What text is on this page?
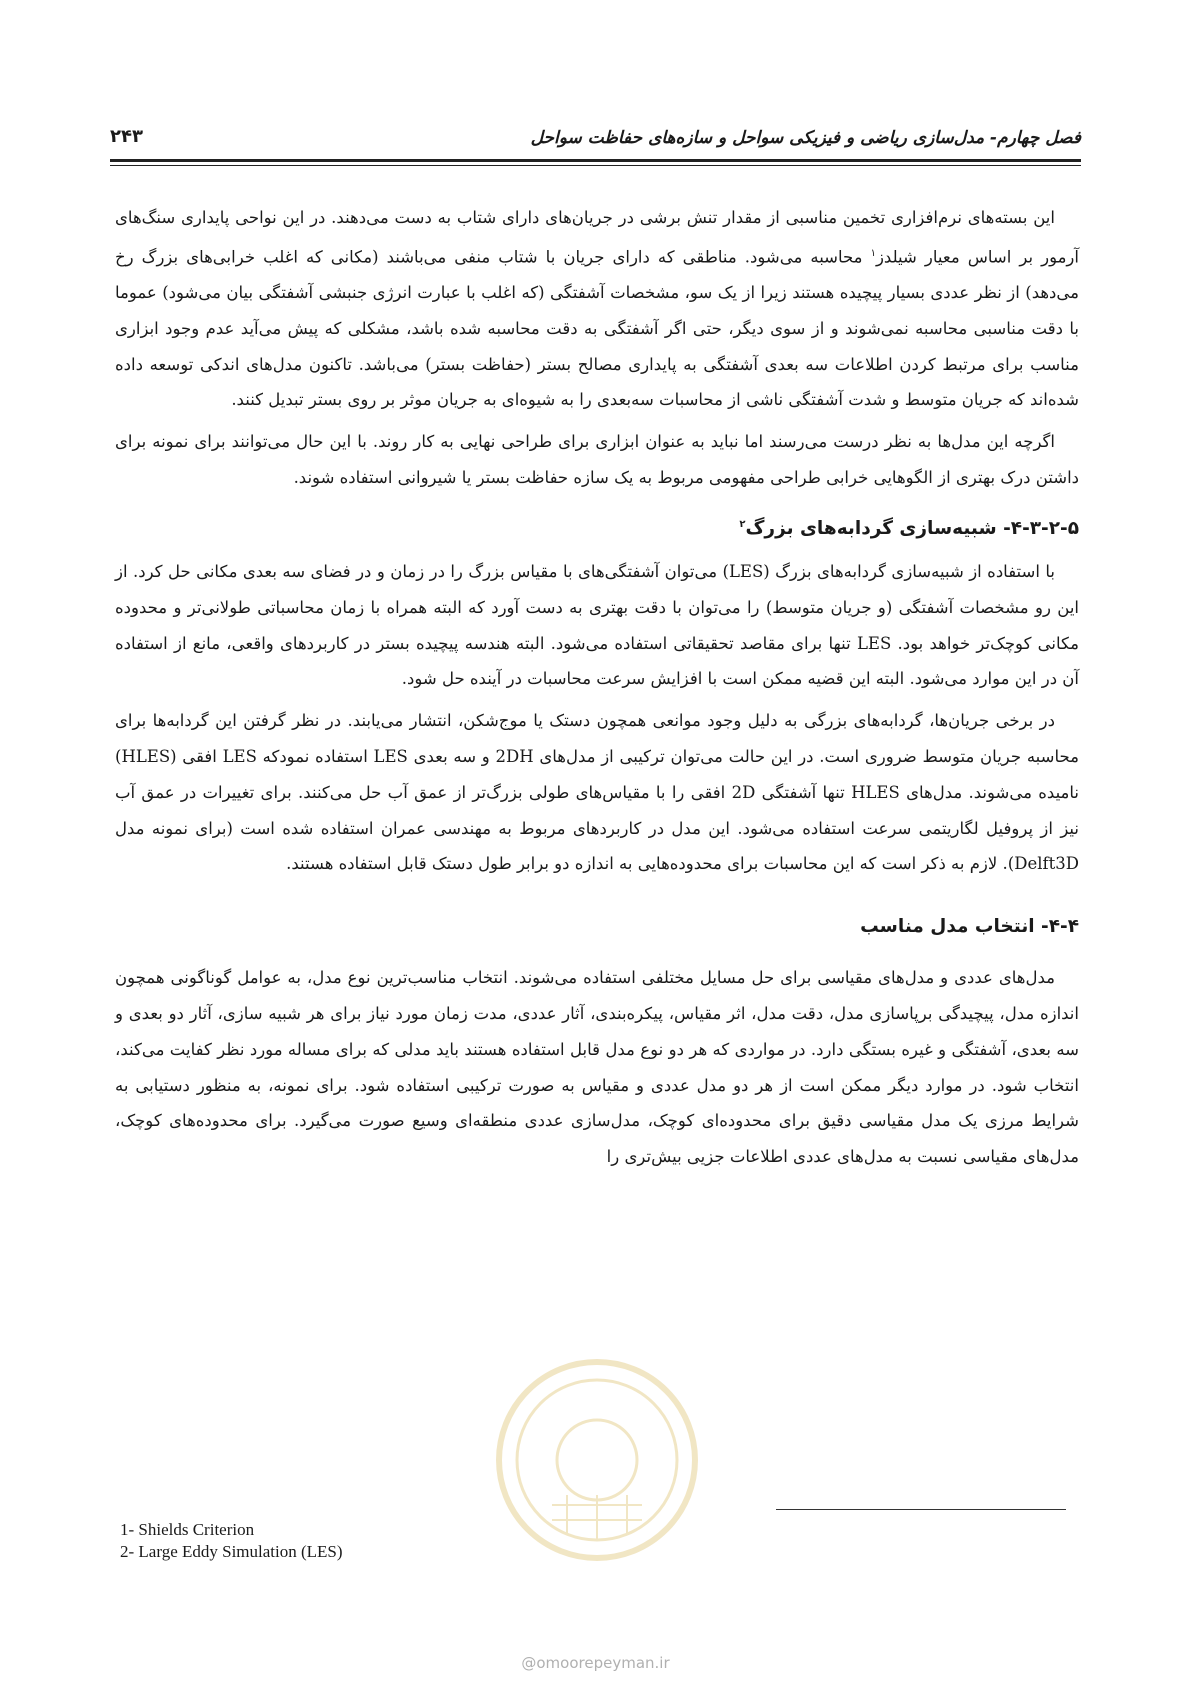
فصل چهارم- مدل‌سازی ریاضی و فیزیکی سواحل و سازه‌های حفاظت سواحل
۲۴۳

این بسته‌های نرم‌افزاری تخمین مناسبی از مقدار تنش برشی در جریان‌های دارای شتاب به دست می‌دهند. در این نواحی پایداری سنگ‌های آرمور بر اساس معیار شیلدز$^۱$ محاسبه می‌شود. مناطقی که دارای جریان با شتاب منفی می‌باشند (مکانی که اغلب خرابی‌های بزرگ رخ می‌دهد) از نظر عددی بسیار پیچیده هستند زیرا از یک سو، مشخصات آشفتگی (که اغلب با عبارت انرژی جنبشی آشفتگی بیان می‌شود) عموما با دقت مناسبی محاسبه نمی‌شوند و از سوی دیگر، حتی اگر آشفتگی به دقت محاسبه شده باشد، مشکلی که پیش می‌آید عدم وجود ابزاری مناسب برای مرتبط کردن اطلاعات سه بعدی آشفتگی به پایداری مصالح بستر (حفاظت بستر) می‌باشد. تاکنون مدل‌های اندکی توسعه داده شده‌اند که جریان متوسط و شدت آشفتگی ناشی از محاسبات سه‌بعدی را به شیوه‌ای به جریان موثر بر روی بستر تبدیل کنند.

اگرچه این مدل‌ها به نظر درست می‌رسند اما نباید به عنوان ابزاری برای طراحی نهایی به کار روند. با این حال می‌توانند برای نمونه برای داشتن درک بهتری از الگوهایی خرابی طراحی مفهومی مربوط به یک سازه حفاظت بستر یا شیروانی استفاده شوند.

۴-۳-۲-۵- شبیه‌سازی گردابه‌های بزرگ$^۲$

با استفاده از شبیه‌سازی گردابه‌های بزرگ (LES) می‌توان آشفتگی‌های با مقیاس بزرگ را در زمان و در فضای سه بعدی مکانی حل کرد. از این رو مشخصات آشفتگی (و جریان متوسط) را می‌توان با دقت بهتری به دست آورد که البته همراه با زمان محاسباتی طولانی‌تر و محدوده مکانی کوچک‌تر خواهد بود. LES تنها برای مقاصد تحقیقاتی استفاده می‌شود. البته هندسه پیچیده بستر در کاربردهای واقعی، مانع از استفاده آن در این موارد می‌شود. البته این قضیه ممکن است با افزایش سرعت محاسبات در آینده حل شود.

در برخی جریان‌ها، گردابه‌های بزرگی به دلیل وجود موانعی همچون دستک یا موج‌شکن، انتشار می‌یابند. در نظر گرفتن این گردابه‌ها برای محاسبه جریان متوسط ضروری است. در این حالت می‌توان ترکیبی از مدل‌های 2DH و سه بعدی LES استفاده نمودکه LES افقی (HLES) نامیده می‌شوند. مدل‌های HLES تنها آشفتگی 2D افقی را با مقیاس‌های طولی بزرگ‌تر از عمق آب حل می‌کنند. برای تغییرات در عمق آب نیز از پروفیل لگاریتمی سرعت استفاده می‌شود. این مدل در کاربردهای مربوط به مهندسی عمران استفاده شده است (برای نمونه مدل Delft3D). لازم به ذکر است که این محاسبات برای محدوده‌هایی به اندازه دو برابر طول دستک قابل استفاده هستند.

۴-۴- انتخاب مدل مناسب

مدل‌های عددی و مدل‌های مقیاسی برای حل مسایل مختلفی استفاده می‌شوند. انتخاب مناسب‌ترین نوع مدل، به عوامل گوناگونی همچون اندازه مدل، پیچیدگی برپاسازی مدل، دقت مدل، اثر مقیاس، پیکره‌بندی، آثار عددی، مدت زمان مورد نیاز برای هر شبیه سازی، آثار دو بعدی و سه بعدی، آشفتگی و غیره بستگی دارد. در مواردی که هر دو نوع مدل قابل استفاده هستند باید مدلی که برای مساله مورد نظر کفایت می‌کند، انتخاب شود. در موارد دیگر ممکن است از هر دو مدل عددی و مقیاس به صورت ترکیبی استفاده شود. برای نمونه، به منظور دستیابی به شرایط مرزی یک مدل مقیاسی دقیق برای محدوده‌ای کوچک، مدل‌سازی عددی منطقه‌ای وسیع صورت می‌گیرد. برای محدوده‌های کوچک، مدل‌های مقیاسی نسبت به مدل‌های عددی اطلاعات جزیی بیش‌تری را

1- Shields Criterion
2- Large Eddy Simulation (LES)
@omoorepeyman.ir
